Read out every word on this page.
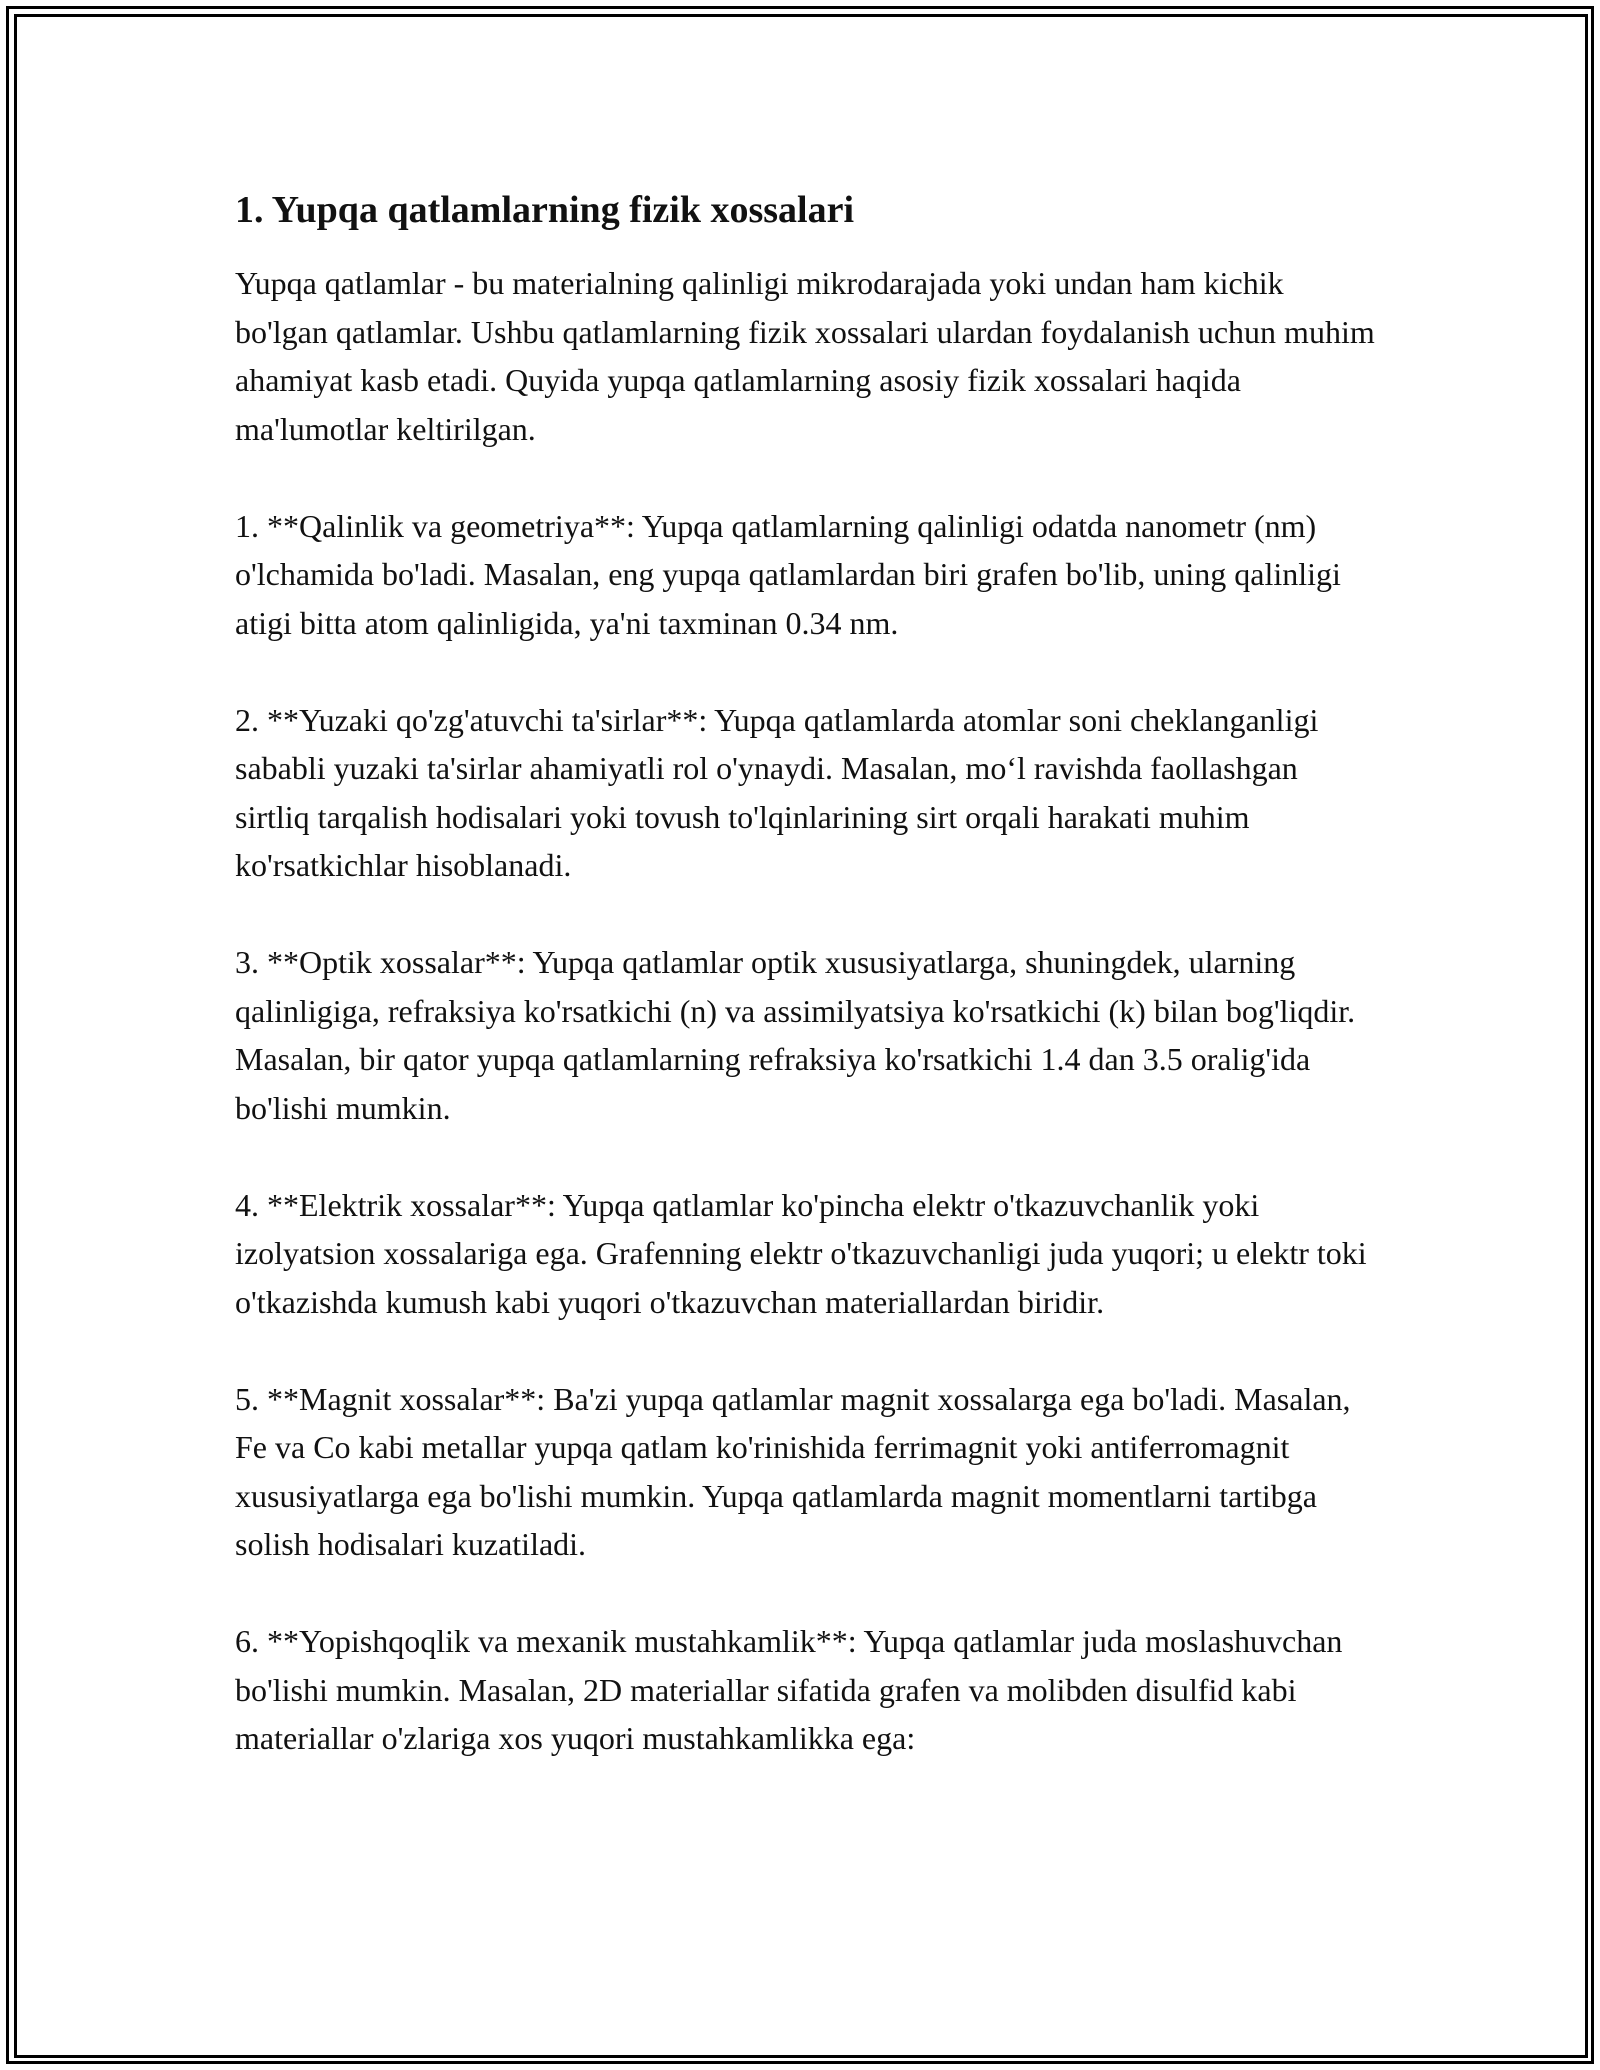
1. Yupqa qatlamlarning fizik xossalari

Yupqa qatlamlar - bu materialning qalinligi mikrodarajada yoki undan ham kichik bo'lgan qatlamlar. Ushbu qatlamlarning fizik xossalari ulardan foydalanish uchun muhim ahamiyat kasb etadi. Quyida yupqa qatlamlarning asosiy fizik xossalari haqida ma'lumotlar keltirilgan.

1. **Qalinlik va geometriya**: Yupqa qatlamlarning qalinligi odatda nanometr (nm) o'lchamida bo'ladi. Masalan, eng yupqa qatlamlardan biri grafen bo'lib, uning qalinligi atigi bitta atom qalinligida, ya'ni taxminan 0.34 nm.

2. **Yuzaki qo'zg'atuvchi ta'sirlar**: Yupqa qatlamlarda atomlar soni cheklanganligi sababli yuzaki ta'sirlar ahamiyatli rol o'ynaydi. Masalan, mo‘l ravishda faollashgan sirtliq tarqalish hodisalari yoki tovush to'lqinlarining sirt orqali harakati muhim ko'rsatkichlar hisoblanadi.

3. **Optik xossalar**: Yupqa qatlamlar optik xususiyatlarga, shuningdek, ularning qalinligiga, refraksiya ko'rsatkichi (n) va assimilyatsiya ko'rsatkichi (k) bilan bog'liqdir. Masalan, bir qator yupqa qatlamlarning refraksiya ko'rsatkichi 1.4 dan 3.5 oralig'ida bo'lishi mumkin.

4. **Elektrik xossalar**: Yupqa qatlamlar ko'pincha elektr o'tkazuvchanlik yoki izolyatsion xossalariga ega. Grafenning elektr o'tkazuvchanligi juda yuqori; u elektr toki o'tkazishda kumush kabi yuqori o'tkazuvchan materiallardan biridir.

5. **Magnit xossalar**: Ba'zi yupqa qatlamlar magnit xossalarga ega bo'ladi. Masalan, Fe va Co kabi metallar yupqa qatlam ko'rinishida ferrimagnit yoki antiferromagnit xususiyatlarga ega bo'lishi mumkin. Yupqa qatlamlarda magnit momentlarni tartibga solish hodisalari kuzatiladi.

6. **Yopishqoqlik va mexanik mustahkamlik**: Yupqa qatlamlar juda moslashuvchan bo'lishi mumkin. Masalan, 2D materiallar sifatida grafen va molibden disulfid kabi materiallar o'zlariga xos yuqori mustahkamlikka ega:
